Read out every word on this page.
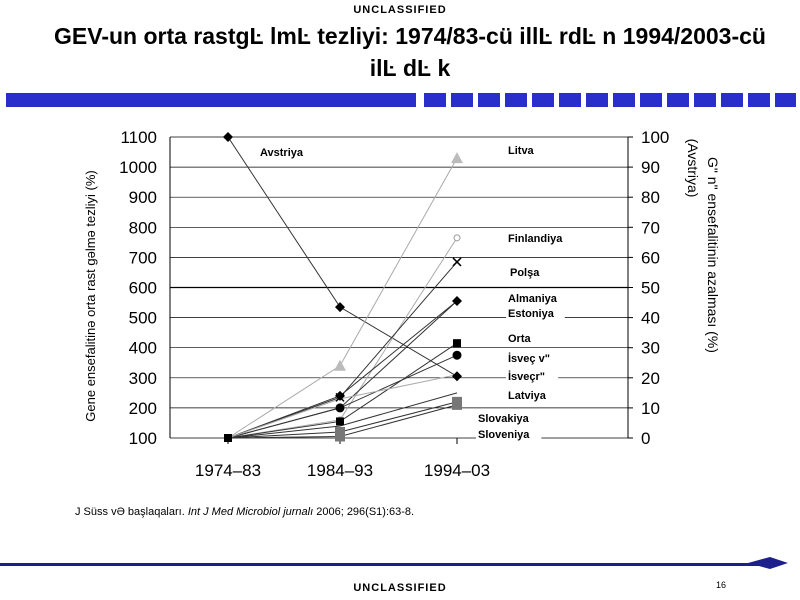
UNCLASSIFIED
GEV-un orta rastgĿ lmĿ tezliyi: 1974/83-cü illĿ rdĿ n 1994/2003-cü
ilĿ dĿ k
100
200
300
400
500
600
700
800
900
1000
1100
0
10
20
30
40
50
60
70
80
90
100
1974–83	1984–93	1994–03
Avstriya	Litva
Finlandiya
Polşa
Almaniya
Estoniya
Orta
İsveç v"
İsveçr"
Latviya
Slovakiya
Sloveniya
Gene ensefalitinə orta rast gəlmə tezliyi (%)	G" n" ensefalitinin azalması (%)
(Avstriya)
J Süss vƏ başlaqaları. Int J Med Microbiol jurnalı 2006; 296(S1):63-8.
16
UNCLASSIFIED
